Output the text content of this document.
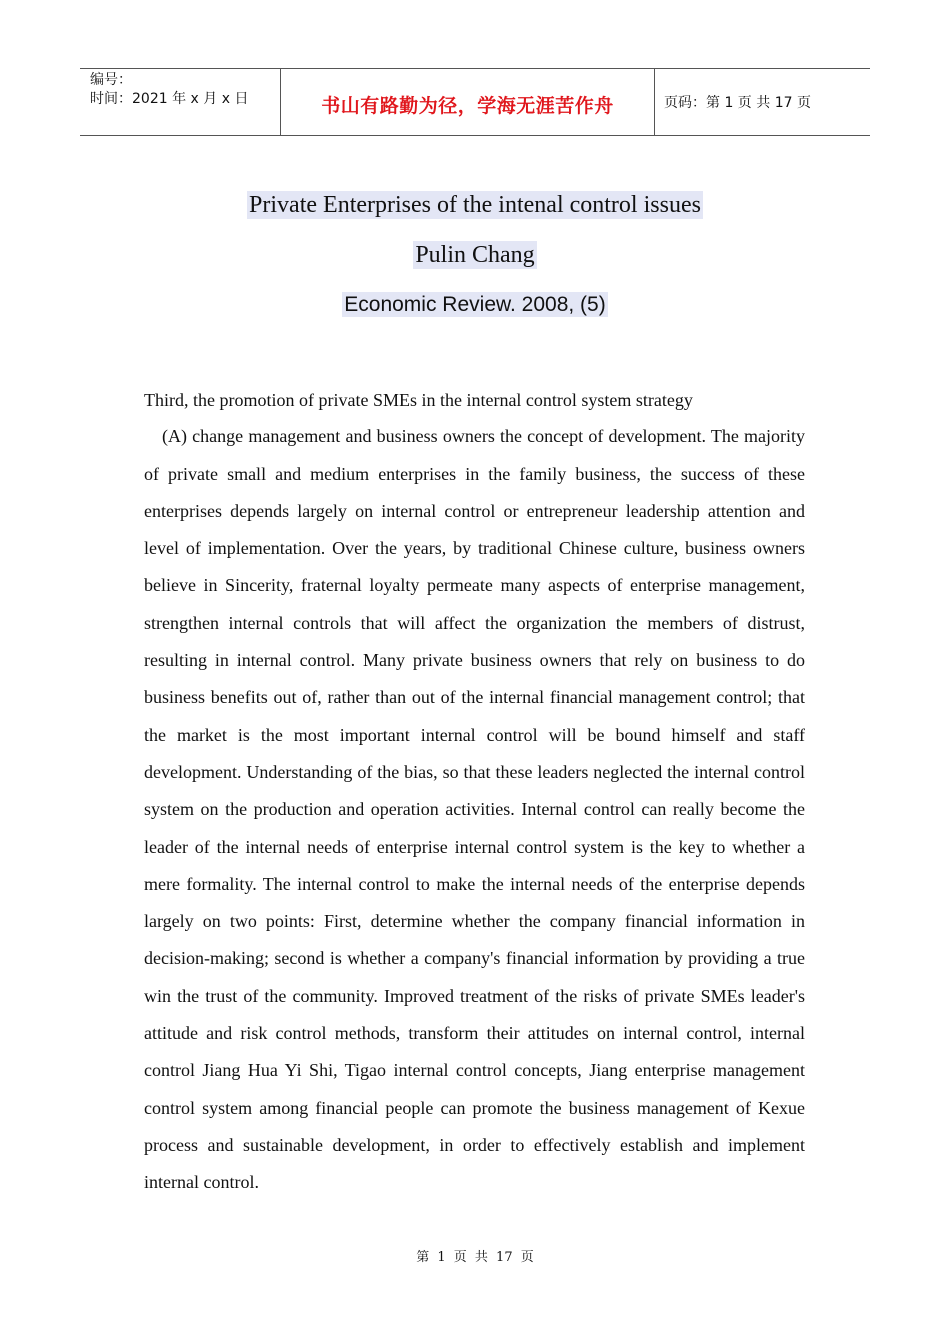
编号：
时间：2021 年 x 月 x 日	书山有路勤为径，学海无涯苦作舟	页码：第 1 页 共 17 页
Private Enterprises of the intenal control issues
Pulin Chang
Economic Review. 2008, (5)

Third, the promotion of private SMEs in the internal control system strategy

(A) change management and business owners the concept of development. The majority of private small and medium enterprises in the family business, the success of these enterprises depends largely on internal control or entrepreneur leadership attention and level of implementation. Over the years, by traditional Chinese culture, business owners believe in Sincerity, fraternal loyalty permeate many aspects of enterprise management, strengthen internal controls that will affect the organization the members of distrust, resulting in internal control. Many private business owners that rely on business to do business benefits out of, rather than out of the internal financial management control; that the market is the most important internal control will be bound himself and staff development. Understanding of the bias, so that these leaders neglected the internal control system on the production and operation activities. Internal control can really become the leader of the internal needs of enterprise internal control system is the key to whether a mere formality. The internal control to make the internal needs of the enterprise depends largely on two points: First, determine whether the company financial information in decision-making; second is whether a company's financial information by providing a true win the trust of the community. Improved treatment of the risks of private SMEs leader's attitude and risk control methods, transform their attitudes on internal control, internal control Jiang Hua Yi Shi, Tigao internal control concepts, Jiang enterprise management control system among financial people can promote the business management of Kexue process and sustainable development, in order to effectively establish and implement internal control.

第 1 页 共 17 页
